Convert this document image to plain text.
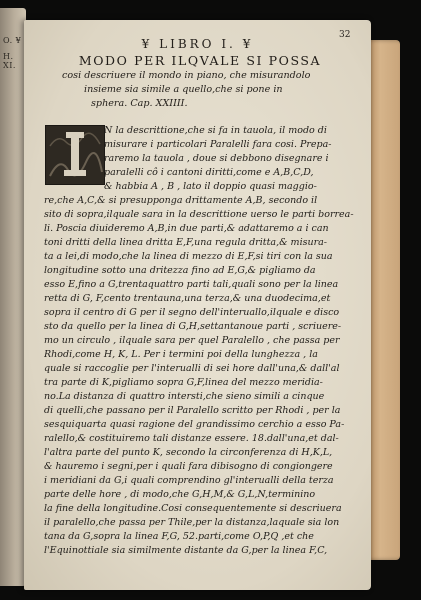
O. ¥
H. XI.
¥ LIBRO I. ¥
32
MODO PER ILQVALE SI POSSA
cosi descriuere il mondo in piano, che misurandolo
insieme sia simile a quello,che si pone in
sphera. Cap. XXIIII.
N la descrittione,che si fa in tauola, il modo di
misurare i particolari Paralelli fara cosi. Prepa-
raremo la tauola , doue si debbono disegnare i
paralelli cô i cantoni diritti,come e A,B,C,D,
& habbia A , B , lato il doppio quasi maggio-
re,che A,C,& si presupponga drittamente A,B, secondo il
sito di sopra,ilquale sara in la descrittione uerso le parti borrea-
li. Poscia diuideremo A,B,in due parti,& adattaremo a i can
toni dritti della linea dritta E,F,una regula dritta,& misura-
ta a lei,di modo,che la linea di mezzo di E,F,si tiri con la sua
longitudine sotto una dritezza fino ad E,G,& pigliamo da
esso E,fino a G,trentaquattro parti tali,quali sono per la linea
retta di G, F,cento trentauna,una terza,& una duodecima,et
sopra il centro di G per il segno dell'interuallo,ilquale e disco
sto da quello per la linea di G,H,settantanoue parti , scriuere-
mo un circulo , ilquale sara per quel Paralello , che passa per
Rhodi,come H, K, L. Per i termini poi della lunghezza , la
quale si raccoglie per l'interualli di sei hore dall'una,& dall'al
tra parte di K,pigliamo sopra G,F,linea del mezzo meridia-
no.La distanza di quattro intersti,che sieno simili a cinque
di quelli,che passano per il Paralello scritto per Rhodi , per la
sesquiquarta quasi ragione del grandissimo cerchio a esso Pa-
ralello,& costituiremo tali distanze essere. 18.dall'una,et dal-
l'altra parte del punto K, secondo la circonferenza di H,K,L,
& hauremo i segni,per i quali fara dibisogno di congiongere
i meridiani da G,i quali comprendino gl'interualli della terza
parte delle hore , di modo,che G,H,M,& G,L,N,terminino
la fine della longitudine.Cosi consequentemente si descriuera
il paralello,che passa per Thile,per la distanza,laquale sia lon
tana da G,sopra la linea F,G, 52.parti,come O,P,Q ,et che
l'Equinottiale sia similmente distante da G,per la linea F,C,
